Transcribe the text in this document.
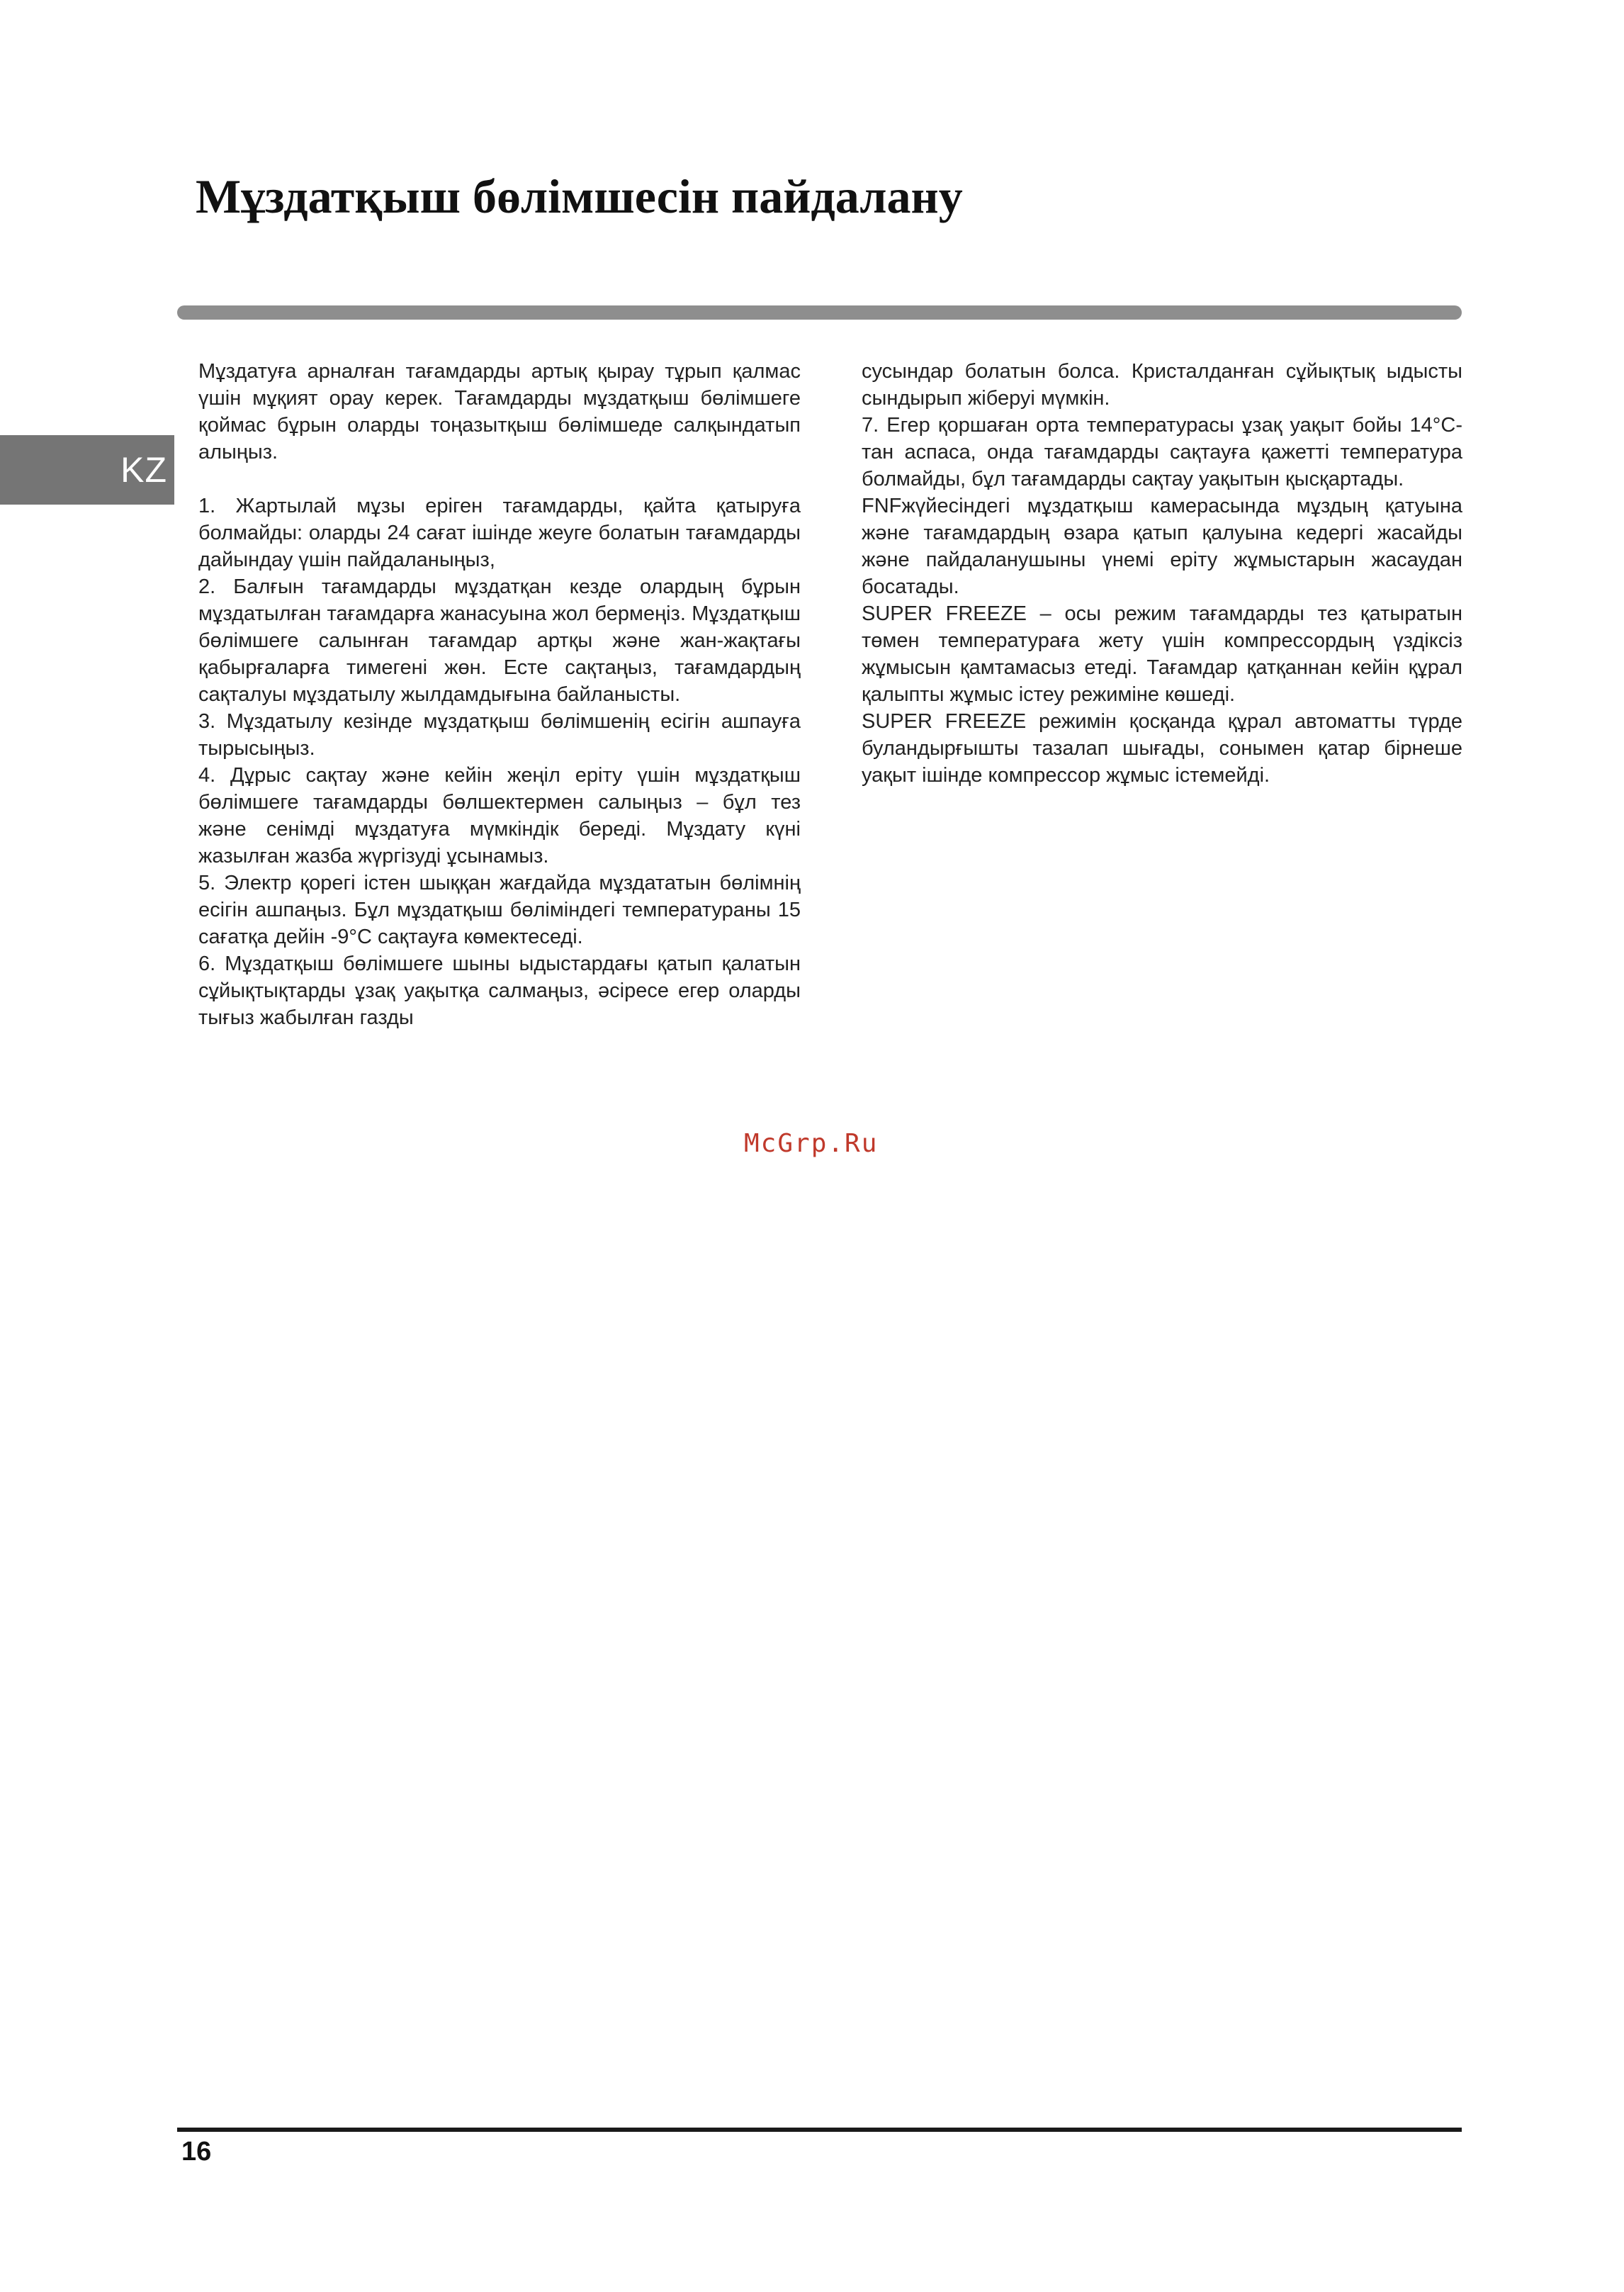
Мұздатқыш бөлімшесін пайдалану
KZ

Мұздатуға арналған тағамдарды артық қырау тұрып қалмас үшін мұқият орау керек. Тағамдарды мұздатқыш бөлімшеге қоймас бұрын оларды тоңазытқыш бөлімшеде салқындатып алыңыз.

1. Жартылай мұзы еріген тағамдарды, қайта қатыруға болмайды: оларды 24 сағат ішінде жеуге болатын тағамдарды дайындау үшін пайдаланыңыз,

2. Балғын тағамдарды мұздатқан кезде олардың бұрын мұздатылған тағамдарға жанасуына жол бермеңіз. Мұздатқыш бөлімшеге салынған тағамдар артқы және жан-жақтағы қабырғаларға тимегені жөн. Есте сақтаңыз, тағамдардың сақталуы мұздатылу жылдамдығына байланысты.

3. Мұздатылу кезінде мұздатқыш бөлімшенің есігін ашпауға тырысыңыз.

4. Дұрыс сақтау және кейін жеңіл еріту үшін мұздатқыш бөлімшеге тағамдарды бөлшектермен салыңыз – бұл тез және сенімді мұздатуға мүмкіндік береді. Мұздату күні жазылған жазба жүргізуді ұсынамыз.

5. Электр қорегі істен шыққан жағдайда мұздататын бөлімнің есігін ашпаңыз. Бұл мұздатқыш бөліміндегі температураны 15 сағатқа дейін -9°C сақтауға көмектеседі.

6. Мұздатқыш бөлімшеге шыны ыдыстардағы қатып қалатын сұйықтықтарды ұзақ уақытқа салмаңыз, әсіресе егер оларды тығыз жабылған газды

сусындар болатын болса. Кристалданған сұйықтық ыдысты сындырып жіберуі мүмкін.

7. Егер қоршаған орта температурасы ұзақ уақыт бойы 14°C-тан аспаса, онда тағамдарды сақтауға қажетті температура болмайды, бұл тағамдарды сақтау уақытын қысқартады.

FNFжүйесіндегі мұздатқыш камерасында мұздың қатуына және тағамдардың өзара қатып қалуына кедергі жасайды және пайдаланушыны үнемі еріту жұмыстарын жасаудан босатады.

SUPER FREEZE – осы режим тағамдарды тез қатыратын төмен температураға жету үшін компрессордың үздіксіз жұмысын қамтамасыз етеді. Тағамдар қатқаннан кейін құрал қалыпты жұмыс істеу режиміне көшеді.

SUPER FREEZE режимін қосқанда құрал автоматты түрде буландырғышты тазалап шығады, сонымен қатар бірнеше уақыт ішінде компрессор жұмыс істемейді.

McGrp.Ru
16
